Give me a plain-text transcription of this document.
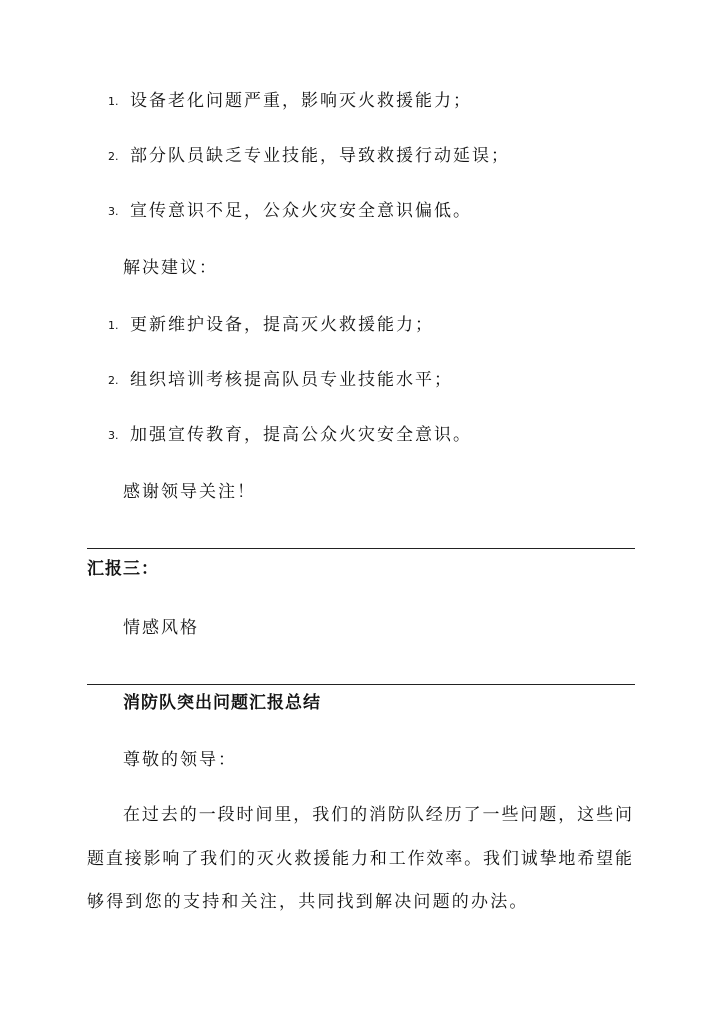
1. 设备老化问题严重，影响灭火救援能力；
2. 部分队员缺乏专业技能，导致救援行动延误；
3. 宣传意识不足，公众火灾安全意识偏低。
解决建议：
1. 更新维护设备，提高灭火救援能力；
2. 组织培训考核提高队员专业技能水平；
3. 加强宣传教育，提高公众火灾安全意识。
感谢领导关注！
汇报三：
情感风格
消防队突出问题汇报总结
尊敬的领导：
在过去的一段时间里，我们的消防队经历了一些问题，这些问
题直接影响了我们的灭火救援能力和工作效率。我们诚挚地希望能
够得到您的支持和关注，共同找到解决问题的办法。
